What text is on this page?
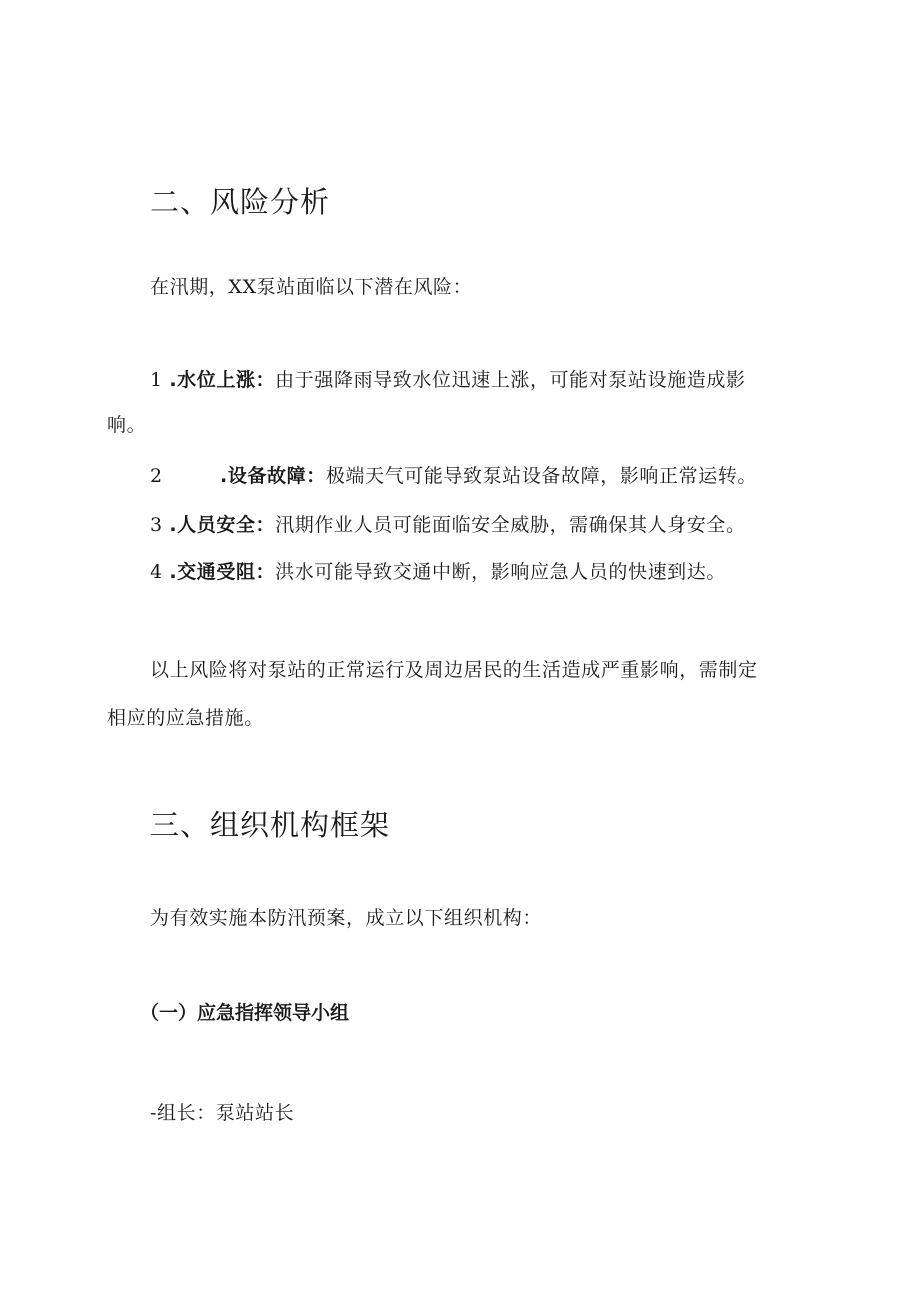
二、风险分析
在汛期，XX泵站面临以下潜在风险：
1 .水位上涨：由于强降雨导致水位迅速上涨，可能对泵站设施造成影
响。
2	.设备故障：极端天气可能导致泵站设备故障，影响正常运转。
3 .人员安全：汛期作业人员可能面临安全威胁，需确保其人身安全。
4 .交通受阻：洪水可能导致交通中断，影响应急人员的快速到达。
以上风险将对泵站的正常运行及周边居民的生活造成严重影响，需制定
相应的应急措施。
三、组织机构框架
为有效实施本防汛预案，成立以下组织机构：
（一）应急指挥领导小组
-组长：泵站站长
